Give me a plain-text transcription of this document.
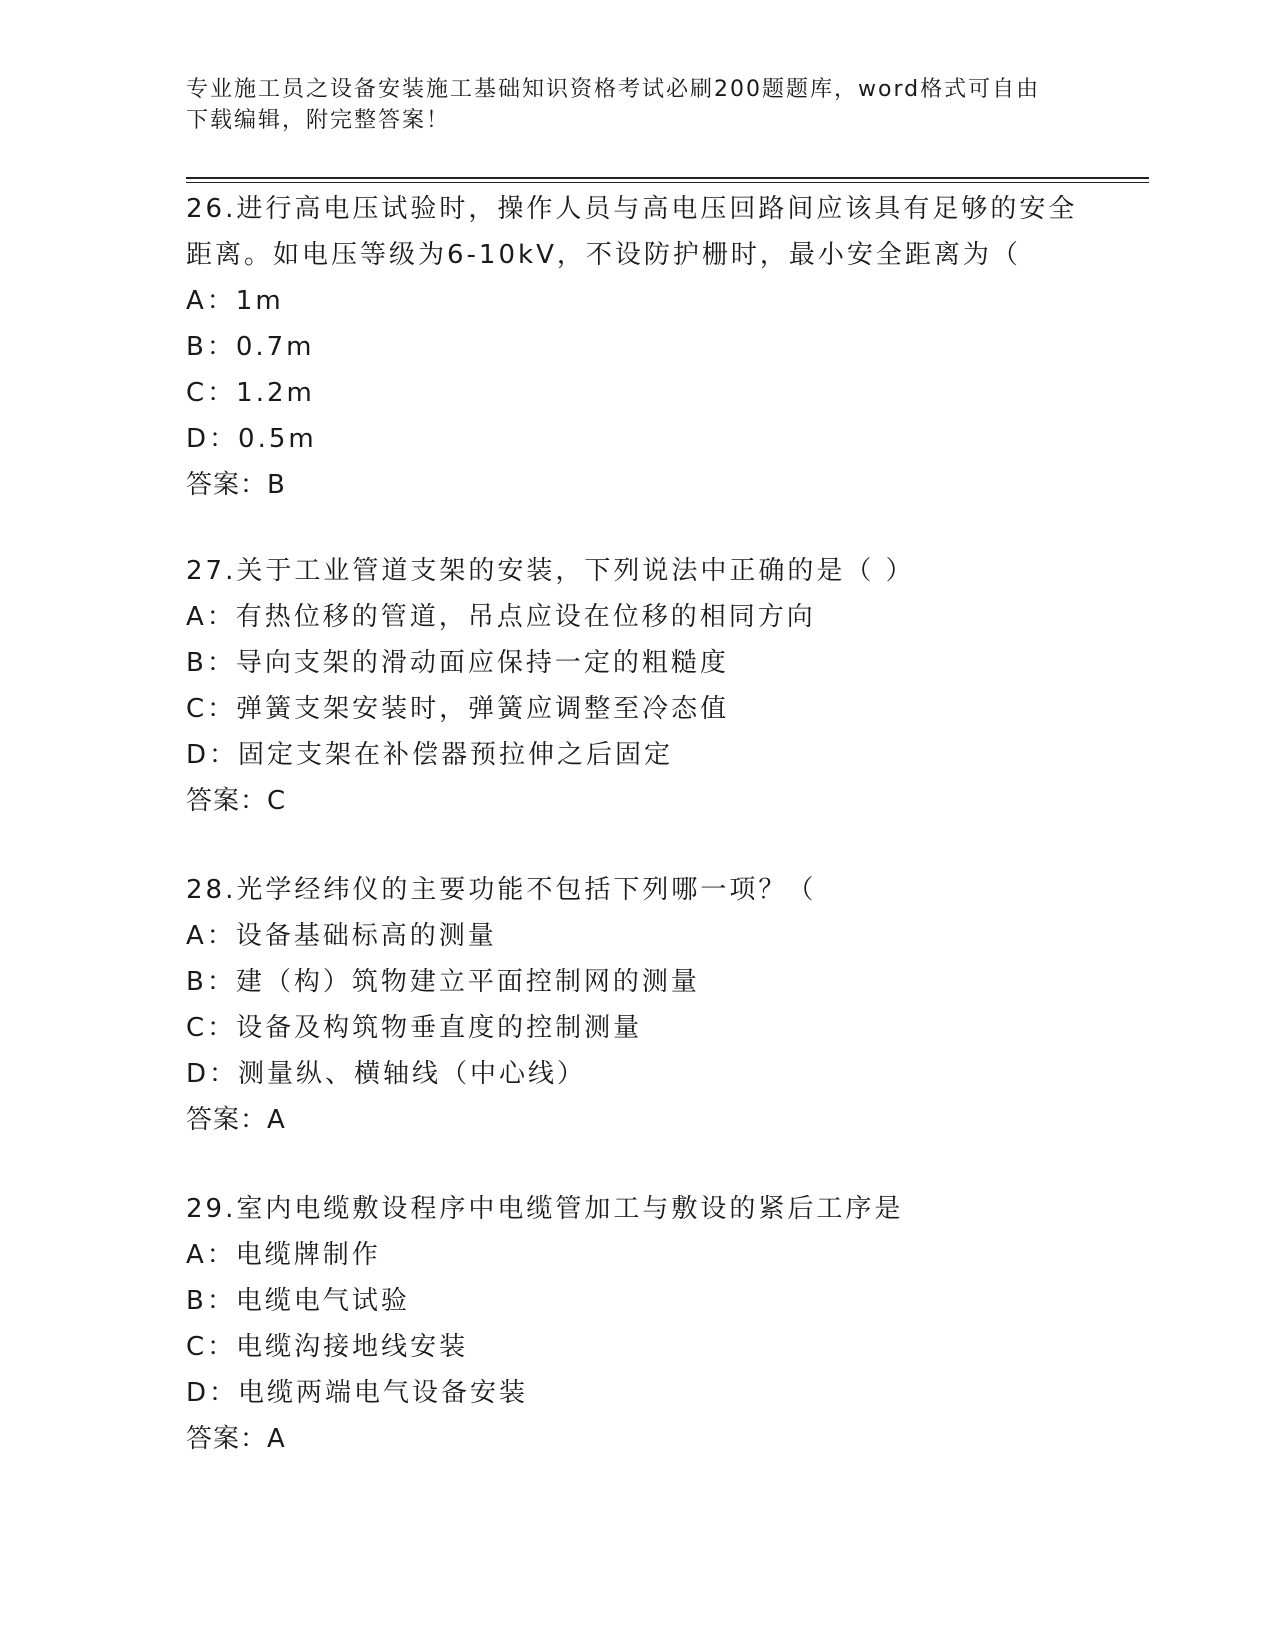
专业施工员之设备安装施工基础知识资格考试必刷200题题库，word格式可自由
下载编辑，附完整答案！
26.进行高电压试验时，操作人员与高电压回路间应该具有足够的安全
距离。如电压等级为6-10kV，不设防护栅时，最小安全距离为（
A：1m
B：0.7m
C：1.2m
D：0.5m
答案：B
27.关于工业管道支架的安装，下列说法中正确的是（ ）
A：有热位移的管道，吊点应设在位移的相同方向
B：导向支架的滑动面应保持一定的粗糙度
C：弹簧支架安装时，弹簧应调整至冷态值
D：固定支架在补偿器预拉伸之后固定
答案：C
28.光学经纬仪的主要功能不包括下列哪一项？（
A：设备基础标高的测量
B：建（构）筑物建立平面控制网的测量
C：设备及构筑物垂直度的控制测量
D：测量纵、横轴线（中心线）
答案：A
29.室内电缆敷设程序中电缆管加工与敷设的紧后工序是
A：电缆牌制作
B：电缆电气试验
C：电缆沟接地线安装
D：电缆两端电气设备安装
答案：A
